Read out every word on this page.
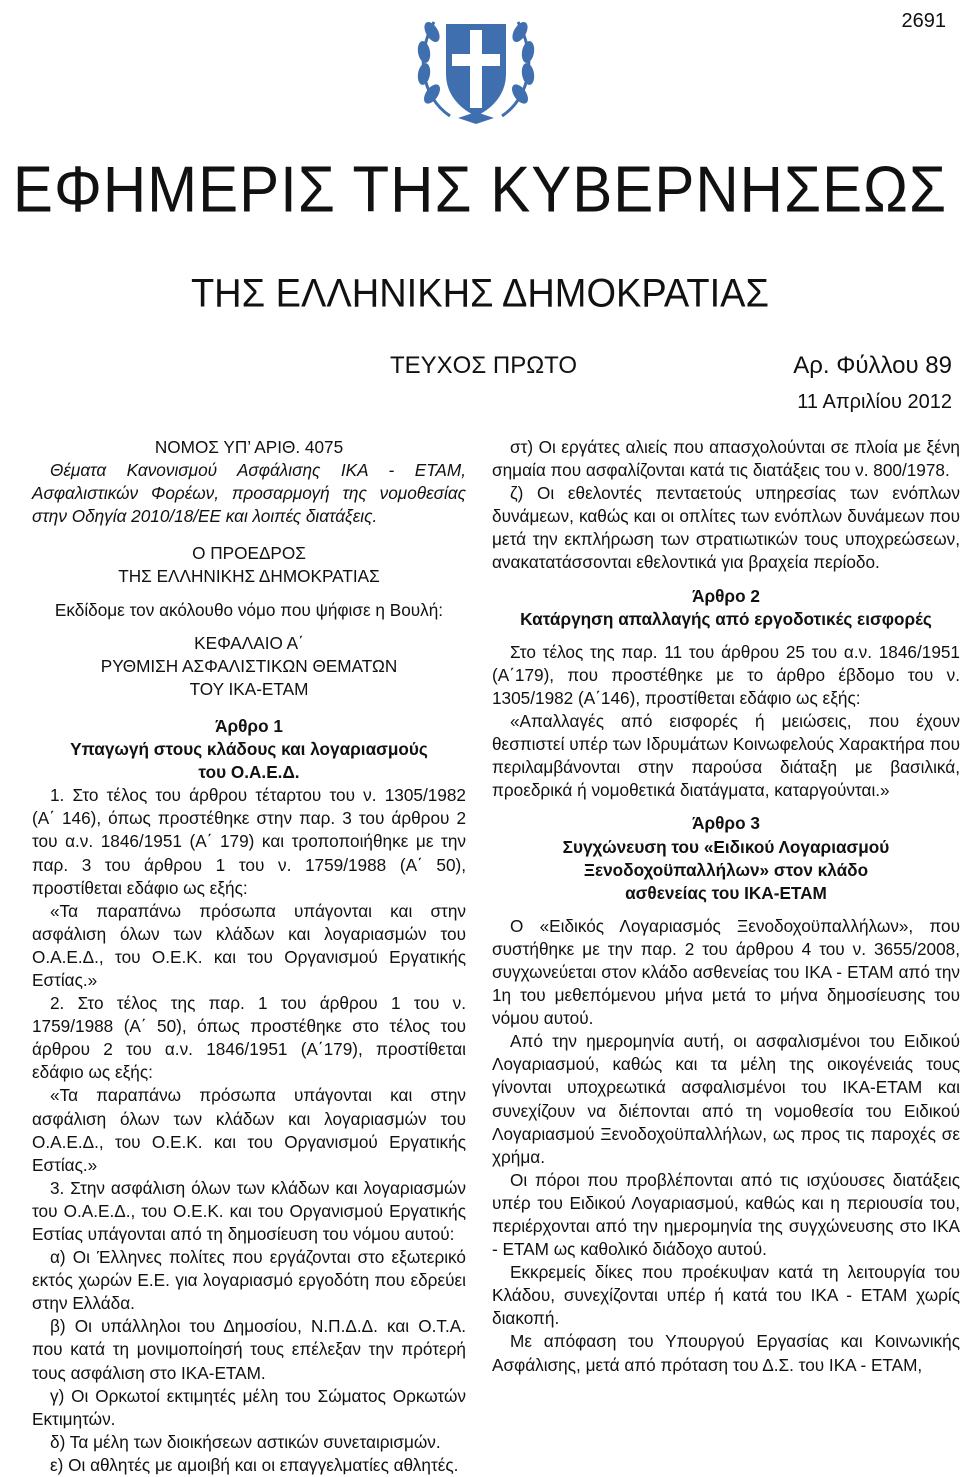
2691
ΕΦΗΜΕΡΙΣ ΤΗΣ ΚΥΒΕΡΝΗΣΕΩΣ
ΤΗΣ ΕΛΛΗΝΙΚΗΣ ΔΗΜΟΚΡΑΤΙΑΣ
ΤΕΥΧΟΣ ΠΡΩΤΟ	Αρ. Φύλλου 89
11 Απριλίου 2012

ΝΟΜΟΣ ΥΠ’ ΑΡΙΘ. 4075

Θέματα Κανονισμού Ασφάλισης ΙΚΑ - ΕΤΑΜ, Ασφαλιστικών Φορέων, προσαρμογή της νομοθεσίας στην Οδηγία 2010/18/ΕΕ και λοιπές διατάξεις.

Ο ΠΡΟΕΔΡΟΣ

ΤΗΣ ΕΛΛΗΝΙΚΗΣ ΔΗΜΟΚΡΑΤΙΑΣ

Εκδίδομε τον ακόλουθο νόμο που ψήφισε η Βουλή:

ΚΕΦΑΛΑΙΟ Α΄

ΡΥΘΜΙΣΗ ΑΣΦΑΛΙΣΤΙΚΩΝ ΘΕΜΑΤΩΝ

ΤΟΥ ΙΚΑ-ΕΤΑΜ

Άρθρο 1

Υπαγωγή στους κλάδους και λογαριασμούς

του Ο.Α.Ε.Δ.

1. Στο τέλος του άρθρου τέταρτου του ν. 1305/1982 (Α΄ 146), όπως προστέθηκε στην παρ. 3 του άρθρου 2 του α.ν. 1846/1951 (Α΄ 179) και τροποποιήθηκε με την παρ. 3 του άρθρου 1 του ν. 1759/1988 (Α΄ 50), προστίθεται εδάφιο ως εξής:

«Τα παραπάνω πρόσωπα υπάγονται και στην ασφάλιση όλων των κλάδων και λογαριασμών του Ο.Α.Ε.Δ., του Ο.Ε.Κ. και του Οργανισμού Εργατικής Εστίας.»

2. Στο τέλος της παρ. 1 του άρθρου 1 του ν. 1759/1988 (Α΄ 50), όπως προστέθηκε στο τέλος του άρθρου 2 του α.ν. 1846/1951 (Α΄179), προστίθεται εδάφιο ως εξής:

«Τα παραπάνω πρόσωπα υπάγονται και στην ασφάλιση όλων των κλάδων και λογαριασμών του Ο.Α.Ε.Δ., του Ο.Ε.Κ. και του Οργανισμού Εργατικής Εστίας.»

3. Στην ασφάλιση όλων των κλάδων και λογαριασμών του Ο.Α.Ε.Δ., του Ο.Ε.Κ. και του Οργανισμού Εργατικής Εστίας υπάγονται από τη δημοσίευση του νόμου αυτού:

α) Οι Έλληνες πολίτες που εργάζονται στο εξωτερικό εκτός χωρών Ε.Ε. για λογαριασμό εργοδότη που εδρεύει στην Ελλάδα.

β) Οι υπάλληλοι του Δημοσίου, Ν.Π.Δ.Δ. και Ο.Τ.Α. που κατά τη μονιμοποίησή τους επέλεξαν την πρότερή τους ασφάλιση στο ΙΚΑ-ΕΤΑΜ.

γ) Οι Ορκωτοί εκτιμητές μέλη του Σώματος Ορκωτών Εκτιμητών.

δ) Τα μέλη των διοικήσεων αστικών συνεταιρισμών.

ε) Οι αθλητές με αμοιβή και οι επαγγελματίες αθλητές.

στ) Οι εργάτες αλιείς που απασχολούνται σε πλοία με ξένη σημαία που ασφαλίζονται κατά τις διατάξεις του ν. 800/1978.

ζ) Οι εθελοντές πενταετούς υπηρεσίας των ενόπλων δυνάμεων, καθώς και οι οπλίτες των ενόπλων δυνάμεων που μετά την εκπλήρωση των στρατιωτικών τους υποχρεώσεων, ανακατατάσσονται εθελοντικά για βραχεία περίοδο.

Άρθρο 2

Κατάργηση απαλλαγής από εργοδοτικές εισφορές

Στο τέλος της παρ. 11 του άρθρου 25 του α.ν. 1846/1951 (Α΄179), που προστέθηκε με το άρθρο έβδομο του ν. 1305/1982 (Α΄146), προστίθεται εδάφιο ως εξής:

«Απαλλαγές από εισφορές ή μειώσεις, που έχουν θεσπιστεί υπέρ των Ιδρυμάτων Κοινωφελούς Χαρακτήρα που περιλαμβάνονται στην παρούσα διάταξη με βασιλικά, προεδρικά ή νομοθετικά διατάγματα, καταργούνται.»

Άρθρο 3

Συγχώνευση του «Ειδικού Λογαριασμού

Ξενοδοχοϋπαλλήλων» στον κλάδο

ασθενείας του ΙΚΑ-ΕΤΑΜ

Ο «Ειδικός Λογαριασμός Ξενοδοχοϋπαλλήλων», που συστήθηκε με την παρ. 2 του άρθρου 4 του ν. 3655/2008, συγχωνεύεται στον κλάδο ασθενείας του ΙΚΑ - ΕΤΑΜ από την 1η του μεθεπόμενου μήνα μετά το μήνα δημοσίευσης του νόμου αυτού.

Από την ημερομηνία αυτή, οι ασφαλισμένοι του Ειδικού Λογαριασμού, καθώς και τα μέλη της οικογένειάς τους γίνονται υποχρεωτικά ασφαλισμένοι του ΙΚΑ-ΕΤΑΜ και συνεχίζουν να διέπονται από τη νομοθεσία του Ειδικού Λογαριασμού Ξενοδοχοϋπαλλήλων, ως προς τις παροχές σε χρήμα.

Οι πόροι που προβλέπονται από τις ισχύουσες διατάξεις υπέρ του Ειδικού Λογαριασμού, καθώς και η περιουσία του, περιέρχονται από την ημερομηνία της συγχώνευσης στο ΙΚΑ - ΕΤΑΜ ως καθολικό διάδοχο αυτού.

Εκκρεμείς δίκες που προέκυψαν κατά τη λειτουργία του Κλάδου, συνεχίζονται υπέρ ή κατά του ΙΚΑ - ΕΤΑΜ χωρίς διακοπή.

Με απόφαση του Υπουργού Εργασίας και Κοινωνικής Ασφάλισης, μετά από πρόταση του Δ.Σ. του ΙΚΑ - ΕΤΑΜ,
